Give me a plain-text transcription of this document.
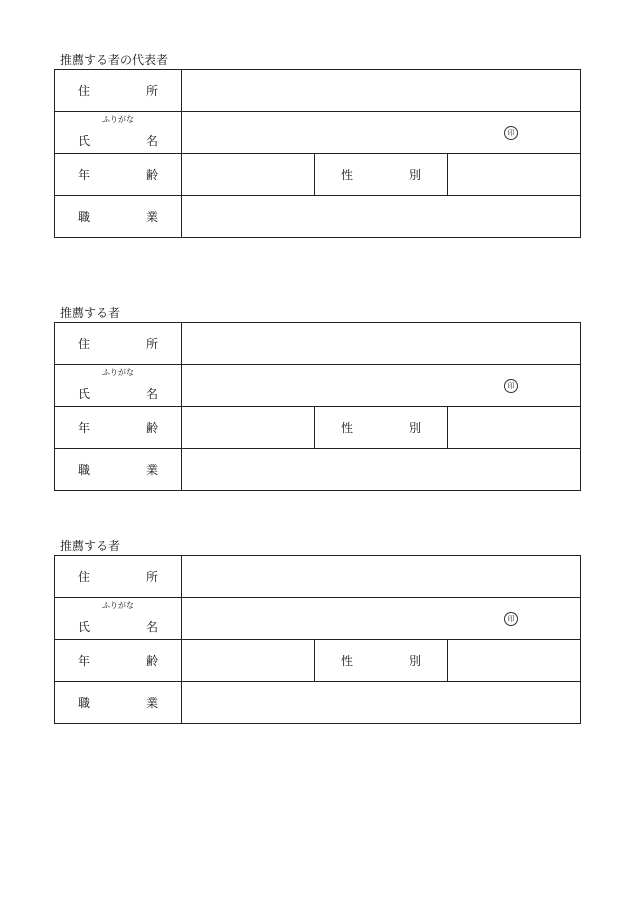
推薦する者の代表者
住　所			

ふりがな
氏　名	印		

年　齢		性　別	

職　業			

推薦する者
住　所			

ふりがな
氏　名	印		

年　齢		性　別	

職　業			

推薦する者
住　所			

ふりがな
氏　名	印		

年　齢		性　別	

職　業			
